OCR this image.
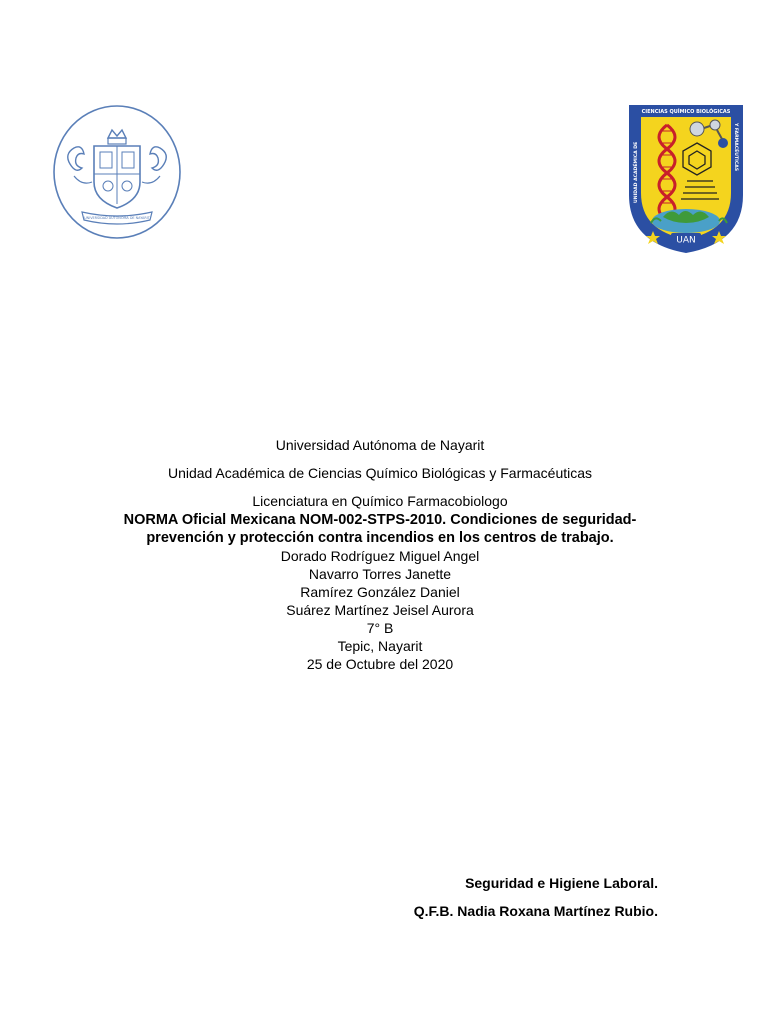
UNIVERSIDAD AUTONOMA DE NAYARIT
CIENCIAS QUÍMICO BIOLÓGICAS
UNIDAD ACADÉMICA DE	Y FARMACÉUTICAS
UAN
Universidad Autónoma de Nayarit
Unidad Académica de Ciencias Químico Biológicas y Farmacéuticas
Licenciatura en Químico Farmacobiologo
NORMA Oficial Mexicana NOM-002-STPS-2010. Condiciones de seguridad-
prevención y protección contra incendios en los centros de trabajo.
Dorado Rodríguez Miguel Angel
Navarro Torres Janette
Ramírez González Daniel
Suárez Martínez Jeisel Aurora
7° B
Tepic, Nayarit
25 de Octubre del 2020
Seguridad e Higiene Laboral.
Q.F.B. Nadia Roxana Martínez Rubio.
